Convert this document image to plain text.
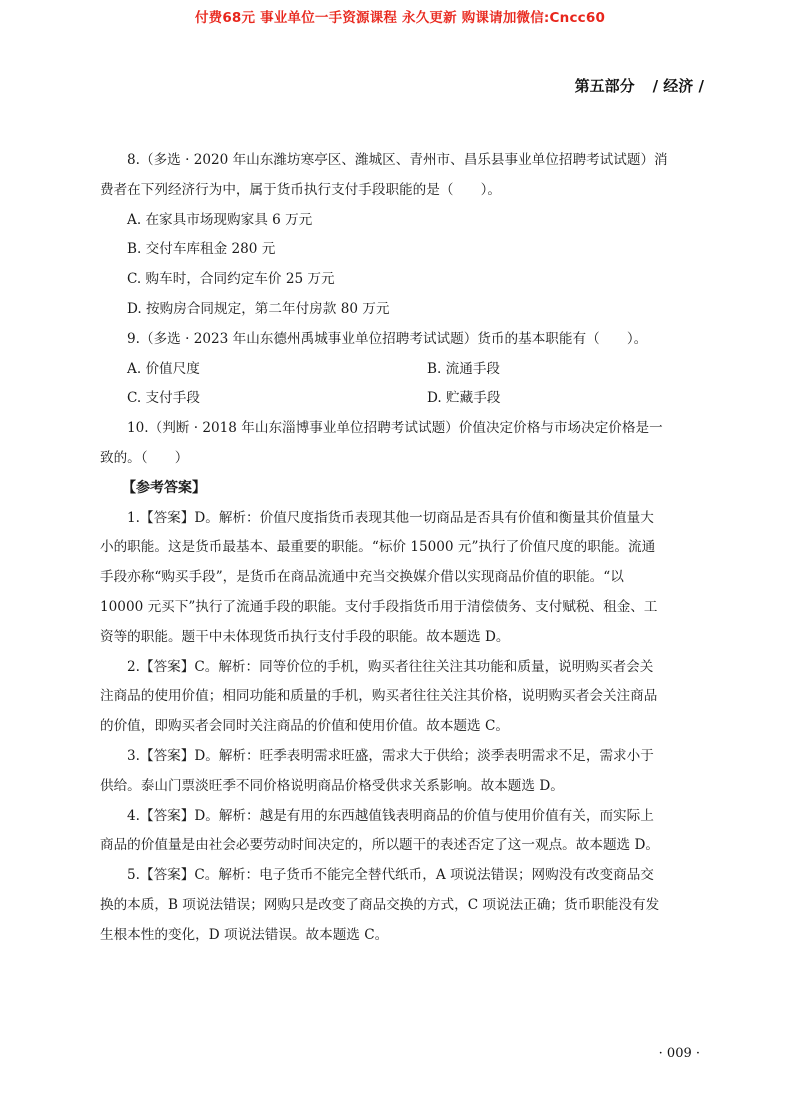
付费68元 事业单位一手资源课程 永久更新 购课请加微信:Cncc60
第五部分 / 经济 /

8.（多选 · 2020 年山东潍坊寒亭区、潍城区、青州市、昌乐县事业单位招聘考试试题）消

费者在下列经济行为中，属于货币执行支付手段职能的是（　　）。

A. 在家具市场现购家具 6 万元

B. 交付车库租金 280 元

C. 购车时，合同约定车价 25 万元

D. 按购房合同规定，第二年付房款 80 万元

9.（多选 · 2023 年山东德州禹城事业单位招聘考试试题）货币的基本职能有（　　）。

A. 价值尺度	B. 流通手段
C. 支付手段	D. 贮藏手段

10.（判断 · 2018 年山东淄博事业单位招聘考试试题）价值决定价格与市场决定价格是一

致的。（　　）

【参考答案】

1.【答案】D。解析：价值尺度指货币表现其他一切商品是否具有价值和衡量其价值量大

小的职能。这是货币最基本、最重要的职能。“标价 15000 元”执行了价值尺度的职能。流通

手段亦称“购买手段”，是货币在商品流通中充当交换媒介借以实现商品价值的职能。“以

10000 元买下”执行了流通手段的职能。支付手段指货币用于清偿债务、支付赋税、租金、工

资等的职能。题干中未体现货币执行支付手段的职能。故本题选 D。

2.【答案】C。解析：同等价位的手机，购买者往往关注其功能和质量，说明购买者会关

注商品的使用价值；相同功能和质量的手机，购买者往往关注其价格，说明购买者会关注商品

的价值，即购买者会同时关注商品的价值和使用价值。故本题选 C。

3.【答案】D。解析：旺季表明需求旺盛，需求大于供给；淡季表明需求不足，需求小于

供给。泰山门票淡旺季不同价格说明商品价格受供求关系影响。故本题选 D。

4.【答案】D。解析：越是有用的东西越值钱表明商品的价值与使用价值有关，而实际上

商品的价值量是由社会必要劳动时间决定的，所以题干的表述否定了这一观点。故本题选 D。

5.【答案】C。解析：电子货币不能完全替代纸币，A 项说法错误；网购没有改变商品交

换的本质，B 项说法错误；网购只是改变了商品交换的方式，C 项说法正确；货币职能没有发

生根本性的变化，D 项说法错误。故本题选 C。

· 009 ·
